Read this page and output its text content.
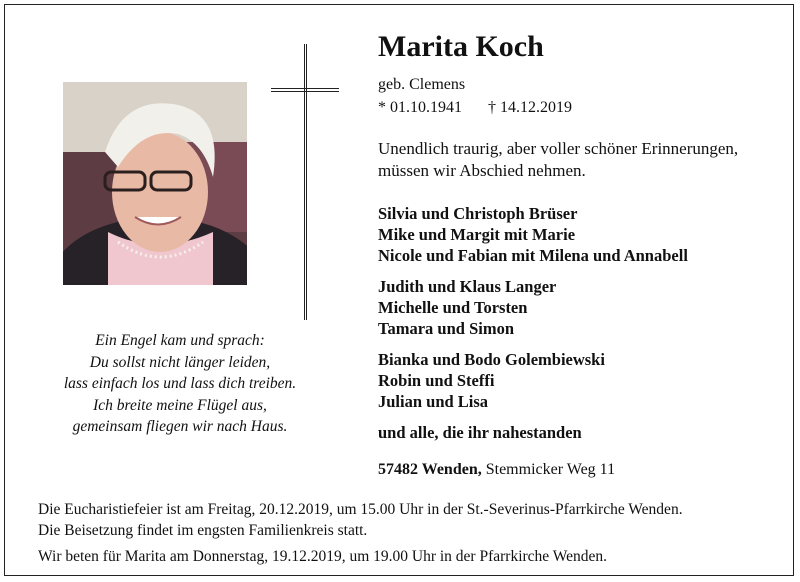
Ein Engel kam und sprach:
Du sollst nicht länger leiden,
lass einfach los und lass dich treiben.
Ich breite meine Flügel aus,
gemeinsam fliegen wir nach Haus.
Marita Koch
geb. Clemens
* 01.10.1941 † 14.12.2019
Unendlich traurig, aber voller schöner Erinnerungen,
müssen wir Abschied nehmen.
Silvia und Christoph Brüser
Mike und Margit mit Marie
Nicole und Fabian mit Milena und Annabell
Judith und Klaus Langer
Michelle und Torsten
Tamara und Simon
Bianka und Bodo Golembiewski
Robin und Steffi
Julian und Lisa
und alle, die ihr nahestanden
57482 Wenden, Stemmicker Weg 11
Die Eucharistiefeier ist am Freitag, 20.12.2019, um 15.00 Uhr in der St.-Severinus-Pfarrkirche Wenden.
Die Beisetzung findet im engsten Familienkreis statt.
Wir beten für Marita am Donnerstag, 19.12.2019, um 19.00 Uhr in der Pfarrkirche Wenden.
